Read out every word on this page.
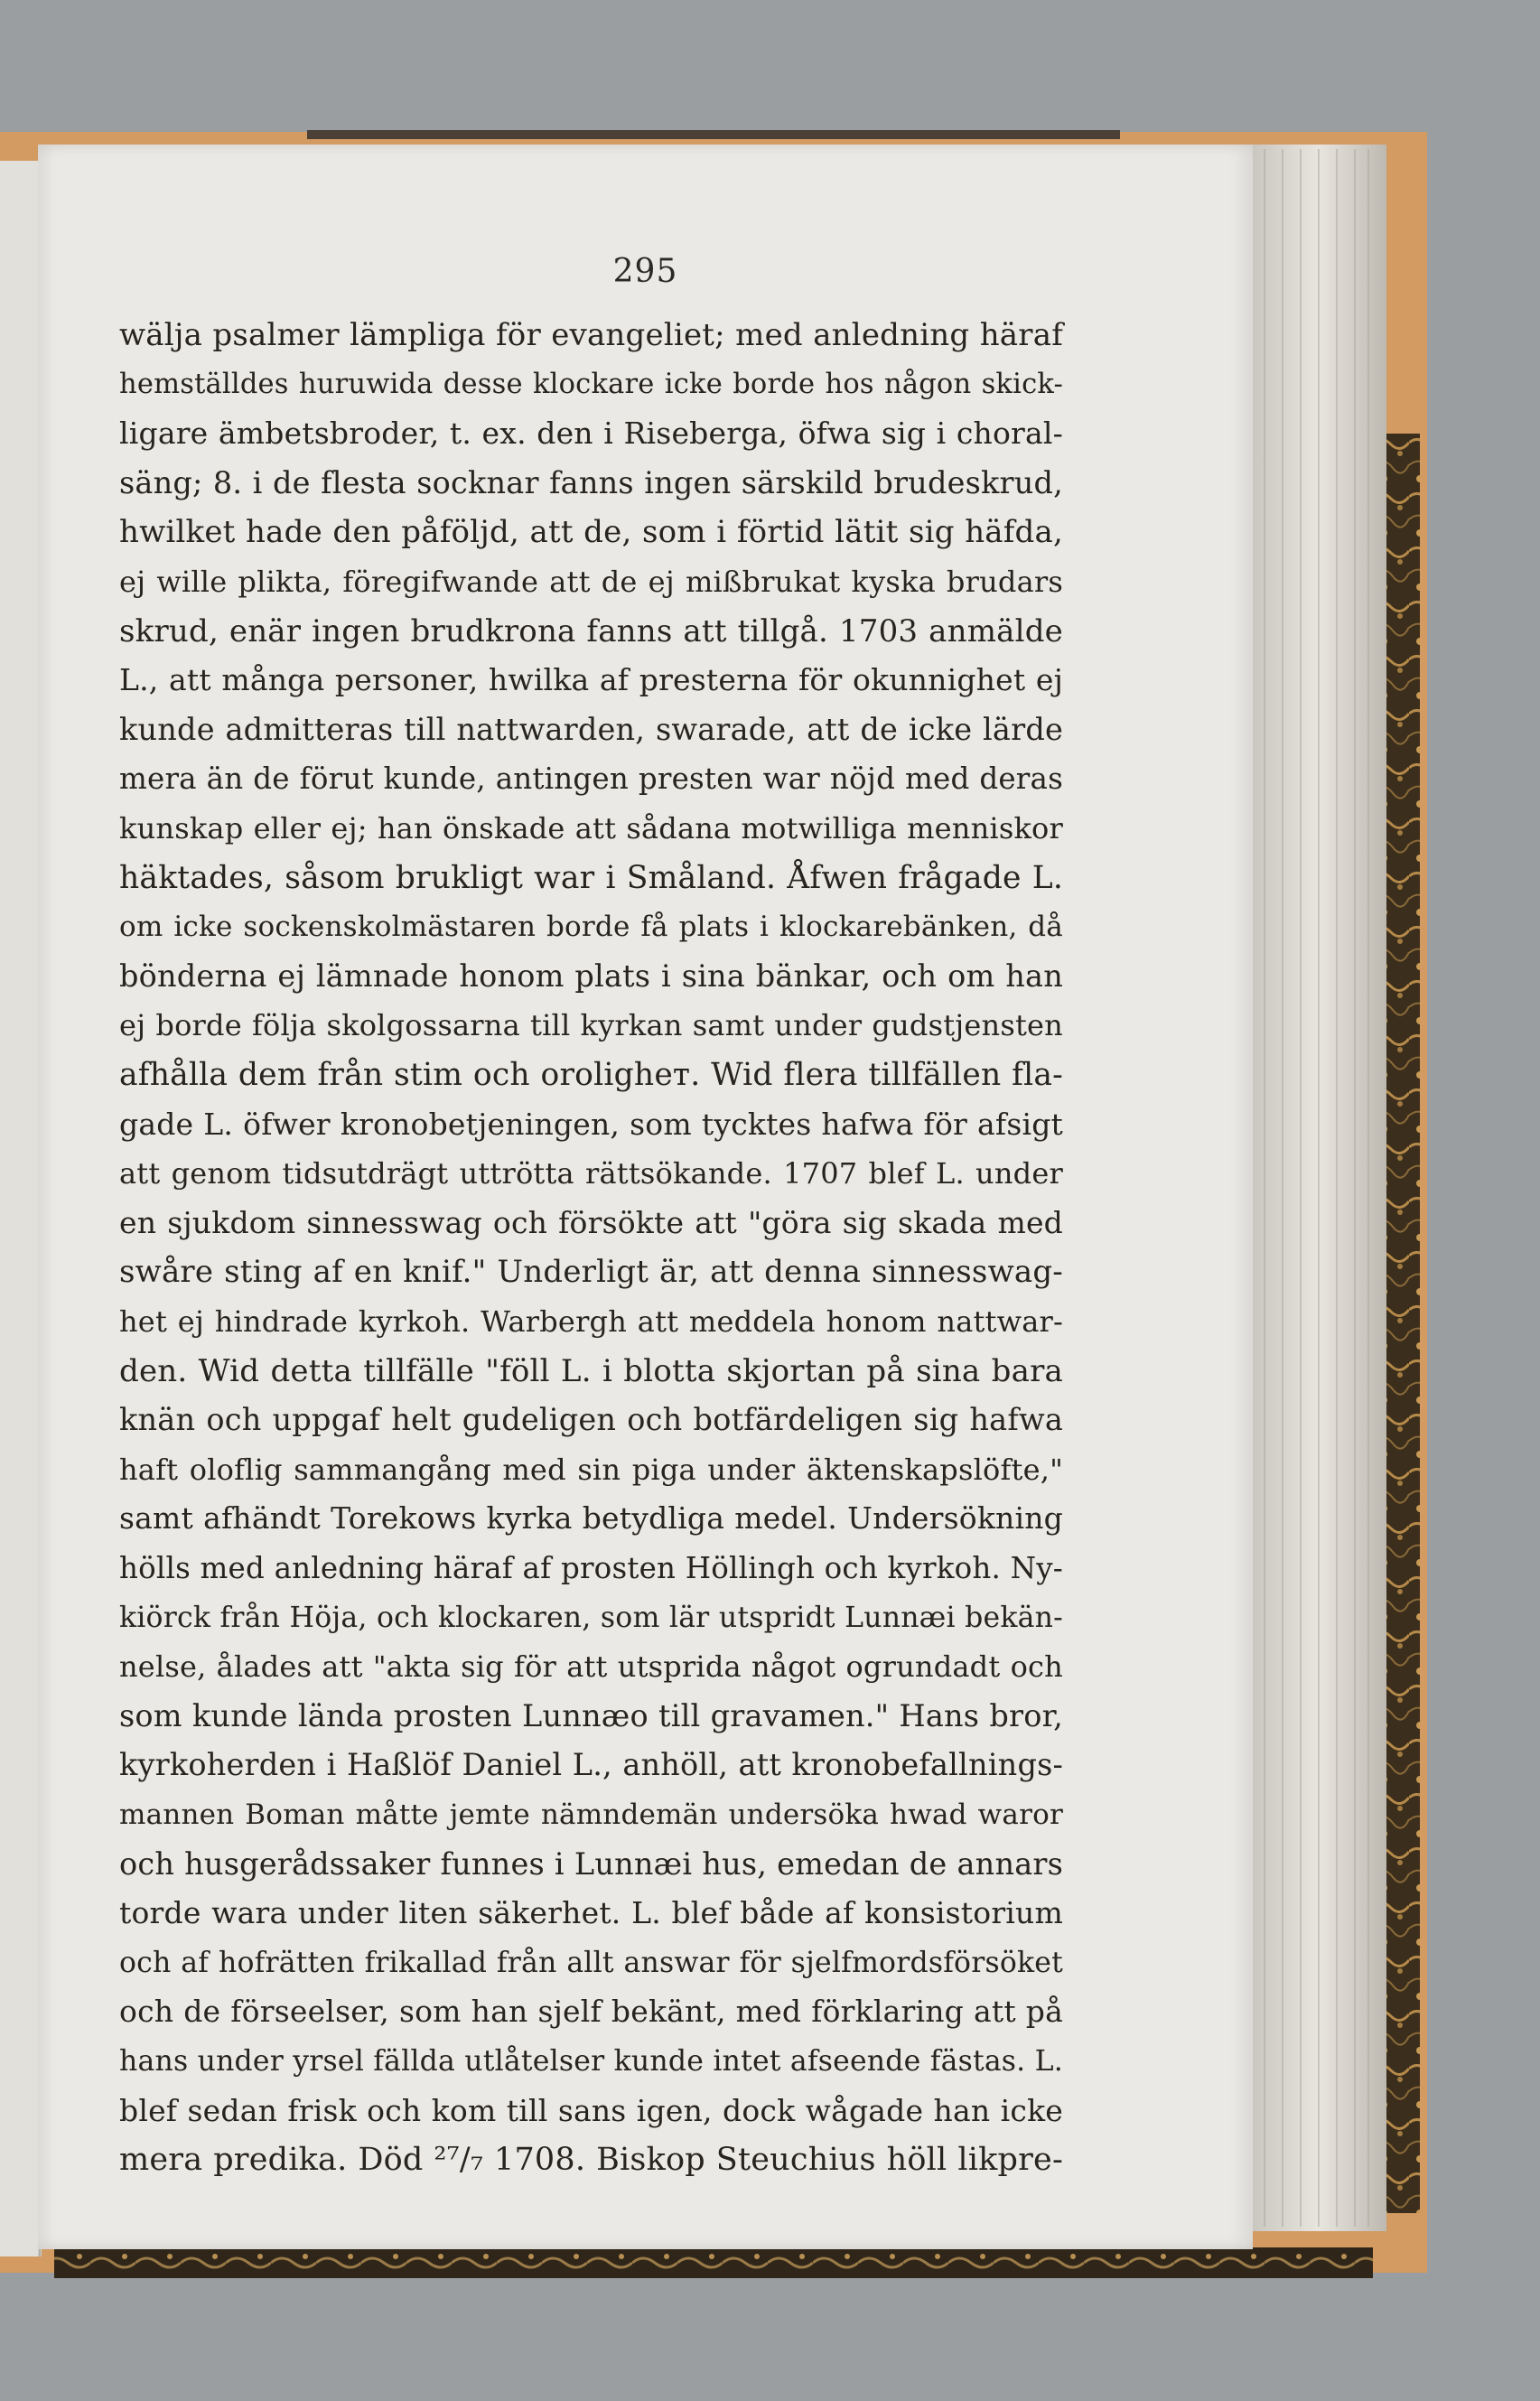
295
wälja psalmer lämpliga för evangeliet; med anledning häraf
hemställdes huruwida desse klockare icke borde hos någon skick-
ligare ämbetsbroder, t. ex. den i Riseberga, öfwa sig i choral-
säng; 8. i de flesta socknar fanns ingen särskild brudeskrud,
hwilket hade den påföljd, att de, som i förtid lätit sig häfda,
ej wille plikta, föregifwande att de ej mißbrukat kyska brudars
skrud, enär ingen brudkrona fanns att tillgå. 1703 anmälde
L., att många personer, hwilka af presterna för okunnighet ej
kunde admitteras till nattwarden, swarade, att de icke lärde
mera än de förut kunde, antingen presten war nöjd med deras
kunskap eller ej; han önskade att sådana motwilliga menniskor
häktades, såsom brukligt war i Småland. Åfwen frågade L.
om icke sockenskolmästaren borde få plats i klockarebänken, då
bönderna ej lämnade honom plats i sina bänkar, och om han
ej borde följa skolgossarna till kyrkan samt under gudstjensten
afhålla dem från stim och oroligheт. Wid flera tillfällen fla-
gade L. öfwer kronobetjeningen, som tycktes hafwa för afsigt
att genom tidsutdrägt uttrötta rättsökande. 1707 blef L. under
en sjukdom sinnesswag och försökte att "göra sig skada med
swåre sting af en knif." Underligt är, att denna sinnesswag-
het ej hindrade kyrkoh. Warbergh att meddela honom nattwar-
den. Wid detta tillfälle "föll L. i blotta skjortan på sina bara
knän och uppgaf helt gudeligen och botfärdeligen sig hafwa
haft oloflig sammangång med sin piga under äktenskapslöfte,"
samt afhändt Torekows kyrka betydliga medel. Undersökning
hölls med anledning häraf af prosten Höllingh och kyrkoh. Ny-
kiörck från Höja, och klockaren, som lär utspridt Lunnæi bekän-
nelse, ålades att "akta sig för att utsprida något ogrundadt och
som kunde lända prosten Lunnæo till gravamen." Hans bror,
kyrkoherden i Haßlöf Daniel L., anhöll, att kronobefallnings-
mannen Boman måtte jemte nämndemän undersöka hwad waror
och husgerådssaker funnes i Lunnæi hus, emedan de annars
torde wara under liten säkerhet. L. blef både af konsistorium
och af hofrätten frikallad från allt answar för sjelfmordsförsöket
och de förseelser, som han sjelf bekänt, med förklaring att på
hans under yrsel fällda utlåtelser kunde intet afseende fästas. L.
blef sedan frisk och kom till sans igen, dock wågade han icke
mera predika. Död ²⁷/₇ 1708. Biskop Steuchius höll likpre-
